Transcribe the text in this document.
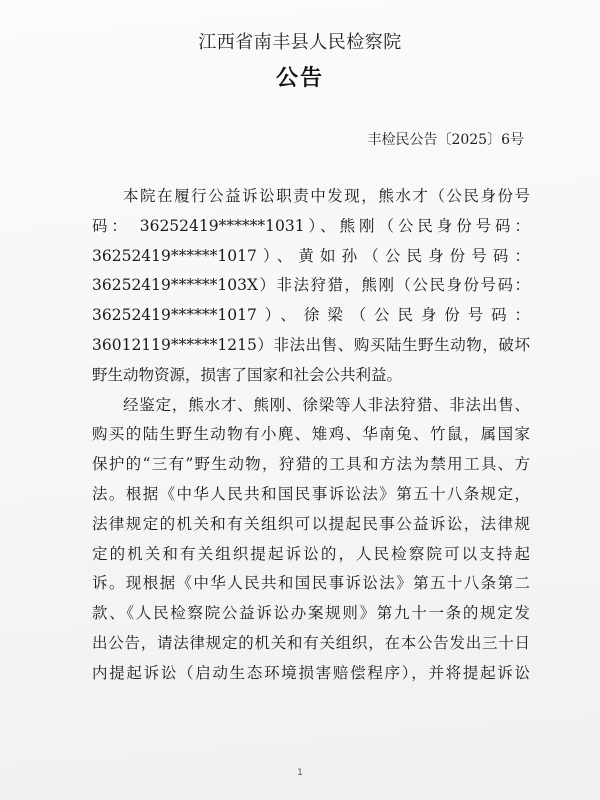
江西省南丰县人民检察院
公告
丰检民公告〔2025〕6号
本院在履行公益诉讼职责中发现，熊水才（公民身份号
码： 36252419******1031）、熊刚（公民身份号码：
36252419******1017）、黄如孙（公民身份号码：
36252419******103X）非法狩猎，熊刚（公民身份号码：
36252419******1017）、徐梁（公民身份号码：
36012119******1215）非法出售、购买陆生野生动物，破坏
野生动物资源，损害了国家和社会公共利益。
经鉴定，熊水才、熊刚、徐梁等人非法狩猎、非法出售、
购买的陆生野生动物有小麂、雉鸡、华南兔、竹鼠，属国家
保护的“三有”野生动物，狩猎的工具和方法为禁用工具、方
法。根据《中华人民共和国民事诉讼法》第五十八条规定，
法律规定的机关和有关组织可以提起民事公益诉讼，法律规
定的机关和有关组织提起诉讼的，人民检察院可以支持起
诉。现根据《中华人民共和国民事诉讼法》第五十八条第二
款、《人民检察院公益诉讼办案规则》第九十一条的规定发
出公告，请法律规定的机关和有关组织，在本公告发出三十日
内提起诉讼（启动生态环境损害赔偿程序），并将提起诉讼
1
